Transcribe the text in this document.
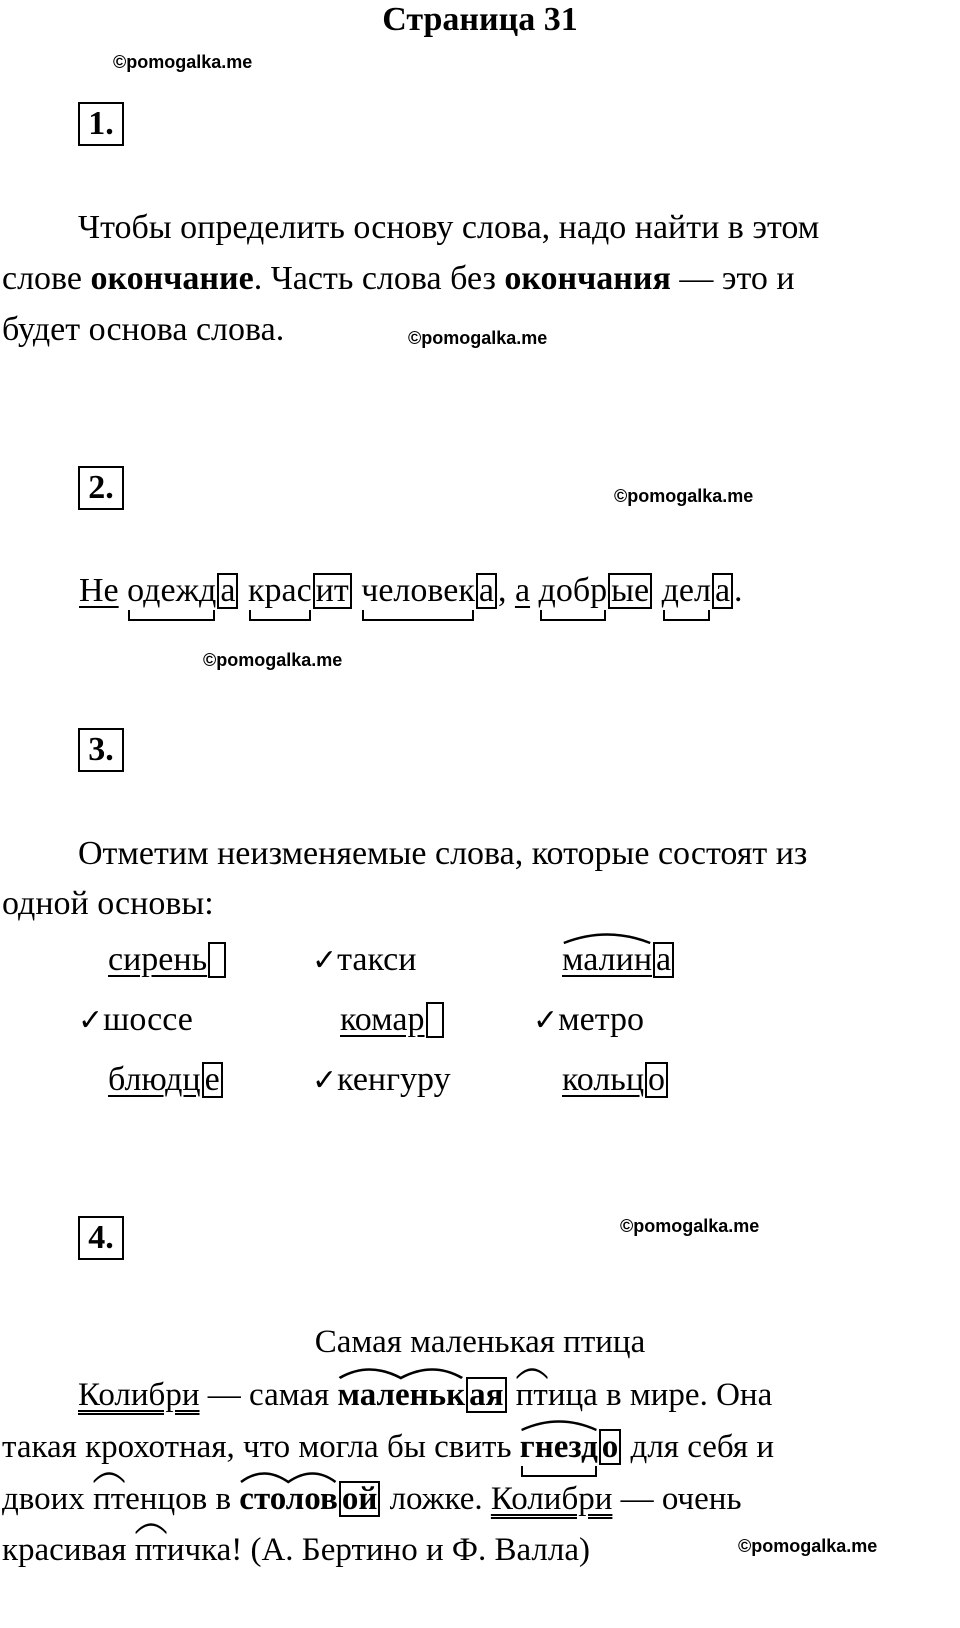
Страница 31
©pomogalka.me
©pomogalka.me
©pomogalka.me
©pomogalka.me
©pomogalka.me
©pomogalka.me
1.
Чтобы определить основу слова, надо найти в этом
слове окончание. Часть слова без окончания — это и
будет основа слова.
2.
Не одежд а крас ит человек а , а добр ые дел а .
3.
Отметим неизменяемые слова, которые состоят из
одной основы:
сирень	✓такси	малин а
✓шоссе	комар	✓метро
блюдц е	✓кенгуру	кольц о
4.
Самая маленькая птица
Колибри — самая
маленьк ая птица в мире. Она
такая крохотная, что могла бы свить
гнезд о для себя и
двоих
птенцов в
столов ой ложке. Колибри — очень
красивая
птичка! (А. Бертино и Ф. Валла)
